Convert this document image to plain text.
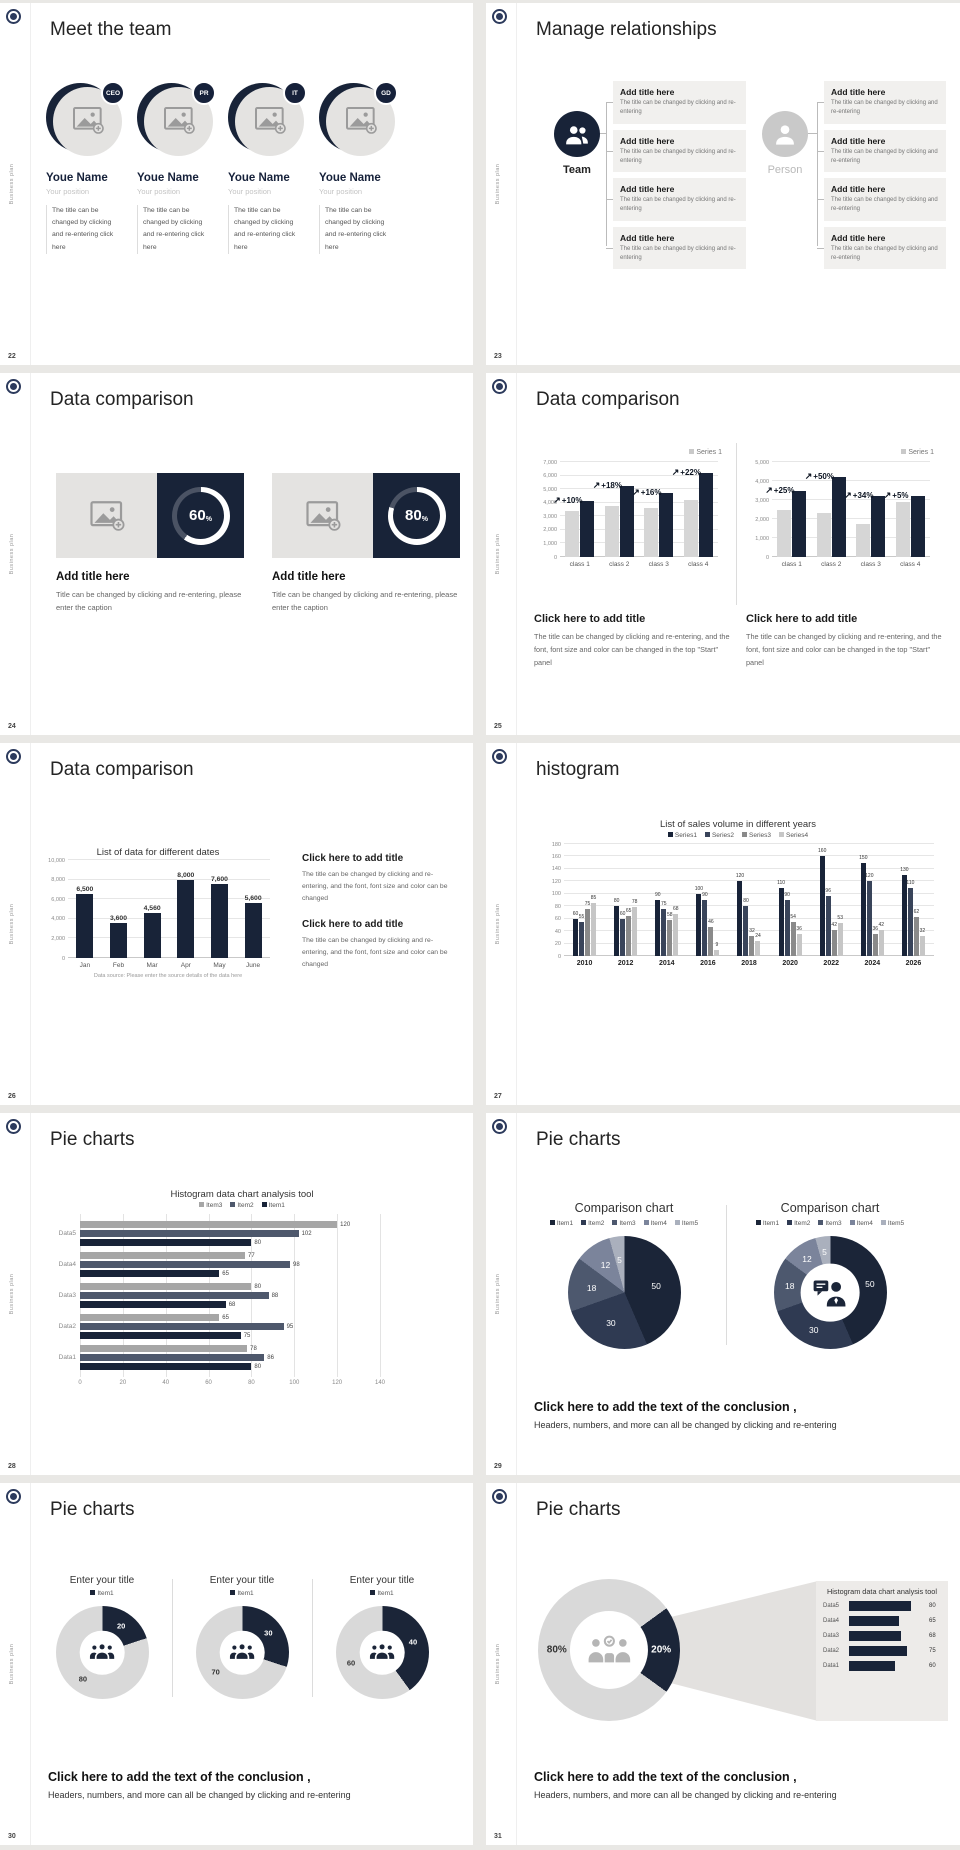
Business plan
Meet the team
CEO
Youe Name
Your position
The title can be changed by clicking and re-entering click here
PR
Youe Name
Your position
The title can be changed by clicking and re-entering click here
IT
Youe Name
Your position
The title can be changed by clicking and re-entering click here
GD
Youe Name
Your position
The title can be changed by clicking and re-entering click here
22
Business plan
Manage relationships
Team
Add title here
The title can be changed by clicking and re-entering
Add title here
The title can be changed by clicking and re-entering
Add title here
The title can be changed by clicking and re-entering
Add title here
The title can be changed by clicking and re-entering
Person
Add title here
The title can be changed by clicking and re-entering
Add title here
The title can be changed by clicking and re-entering
Add title here
The title can be changed by clicking and re-entering
Add title here
The title can be changed by clicking and re-entering
23
Business plan
Data comparison
60 %	80 %
Add title here
Title can be changed by clicking and re-entering, please enter the caption
Add title here
Title can be changed by clicking and re-entering, please enter the caption
24
Business plan
Data comparison
Series 1
0
1,000
2,000
3,000
4,000
5,000
6,000
7,000
↗ +10%
↗ +18%
↗ +16%
↗ +22%
class 1	class 2	class 3	class 4
Series 1
0
1,000
2,000
3,000
4,000
5,000
↗ +25%
↗ +50%
↗ +34% ↗ +5%
class 1	class 2	class 3	class 4
Click here to add title
The title can be changed by clicking and re-entering, and the font, font size and color can be changed in the top "Start" panel
Click here to add title
The title can be changed by clicking and re-entering, and the font, font size and color can be changed in the top "Start" panel
25
Business plan
Data comparison
List of data for different dates
0
2,000
4,000
6,000
8,000
10,000
6,500
3,600
4,560
8,000
7,600
5,600
Jan	Feb	Mar	Apr	May	June
Data source: Please enter the source details of the data here
Click here to add title
The title can be changed by clicking and re-entering, and the font, font size and color can be changed
Click here to add title
The title can be changed by clicking and re-entering, and the font, font size and color can be changed
26
Business plan
histogram
List of sales volume in different years
Series1	Series2	Series3	Series4
0
20
40
60
80
100
120
140
160
180
60
55
75
85
80
60
65
78
90
75
58
68
100
90
46
9
120
80
32
24
110
90
54
36
160
96
42
53
150
120
36
42
130
110
62
32
2010	2012	2014	2016	2018	2020	2022	2024	2026
27
Business plan
Pie charts
Histogram data chart analysis tool
Item3	Item2	Item1
Data5
120
102
80
Data4
77
98
65
Data3
80
88
68
Data2
65
95
75
Data1
78
86
80
0	20	40	60	80	100	120	140
28
Business plan
Pie charts
Comparison chart
Item1	Item2	Item3	Item4	Item5
50
30
18
12
5
Comparison chart
Item1	Item2	Item3	Item4	Item5
50
30
18
12
5
Click here to add the text of the conclusion ,
Headers, numbers, and more can all be changed by clicking and re-entering
29
Business plan
Pie charts
Enter your title
Item1
20
80
Enter your title
Item1
30
70
Enter your title
Item1
40
60
Click here to add the text of the conclusion ,
Headers, numbers, and more can all be changed by clicking and re-entering
30
Business plan
Pie charts
20%
80%
Histogram data chart analysis tool
Data5	80
Data4	65
Data3	68
Data2	75
Data1	60
Click here to add the text of the conclusion ,
Headers, numbers, and more can all be changed by clicking and re-entering
31
